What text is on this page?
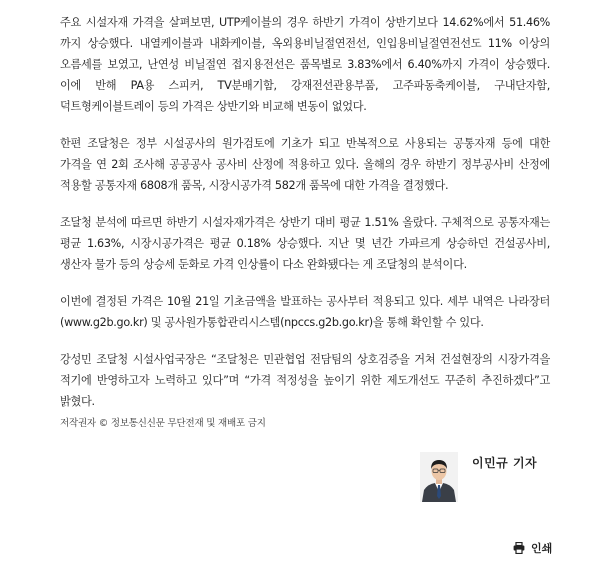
주요 시설자재 가격을 살펴보면, UTP케이블의 경우 하반기 가격이 상반기보다 14.62%에서 51.46%까지 상승했다. 내열케이블과 내화케이블, 옥외용비닐절연전선, 인입용비닐절연전선도 11% 이상의 오름세를 보였고, 난연성 비닐절연 접지용전선은 품목별로 3.83%에서 6.40%까지 가격이 상승했다. 이에 반해 PA용 스피커, TV분배기함, 강재전선관용부품, 고주파동축케이블, 구내단자함, 덕트형케이블트레이 등의 가격은 상반기와 비교해 변동이 없었다.

한편 조달청은 정부 시설공사의 원가검토에 기초가 되고 반복적으로 사용되는 공통자재 등에 대한 가격을 연 2회 조사해 공공공사 공사비 산정에 적용하고 있다. 올해의 경우 하반기 정부공사비 산정에 적용할 공통자재 6808개 품목, 시장시공가격 582개 품목에 대한 가격을 결정했다.

조달청 분석에 따르면 하반기 시설자재가격은 상반기 대비 평균 1.51% 올랐다. 구체적으로 공통자재는 평균 1.63%, 시장시공가격은 평균 0.18% 상승했다. 지난 몇 년간 가파르게 상승하던 건설공사비, 생산자 물가 등의 상승세 둔화로 가격 인상률이 다소 완화됐다는 게 조달청의 분석이다.

이번에 결정된 가격은 10월 21일 기초금액을 발표하는 공사부터 적용되고 있다. 세부 내역은 나라장터(www.g2b.go.kr) 및 공사원가통합관리시스템(npccs.g2b.go.kr)을 통해 확인할 수 있다.

강성민 조달청 시설사업국장은 “조달청은 민관협업 전담팀의 상호검증을 거쳐 건설현장의 시장가격을 적기에 반영하고자 노력하고 있다”며 “가격 적정성을 높이기 위한 제도개선도 꾸준히 추진하겠다”고 밝혔다.

저작권자 © 정보통신신문 무단전재 및 재배포 금지
이민규 기자
인쇄
